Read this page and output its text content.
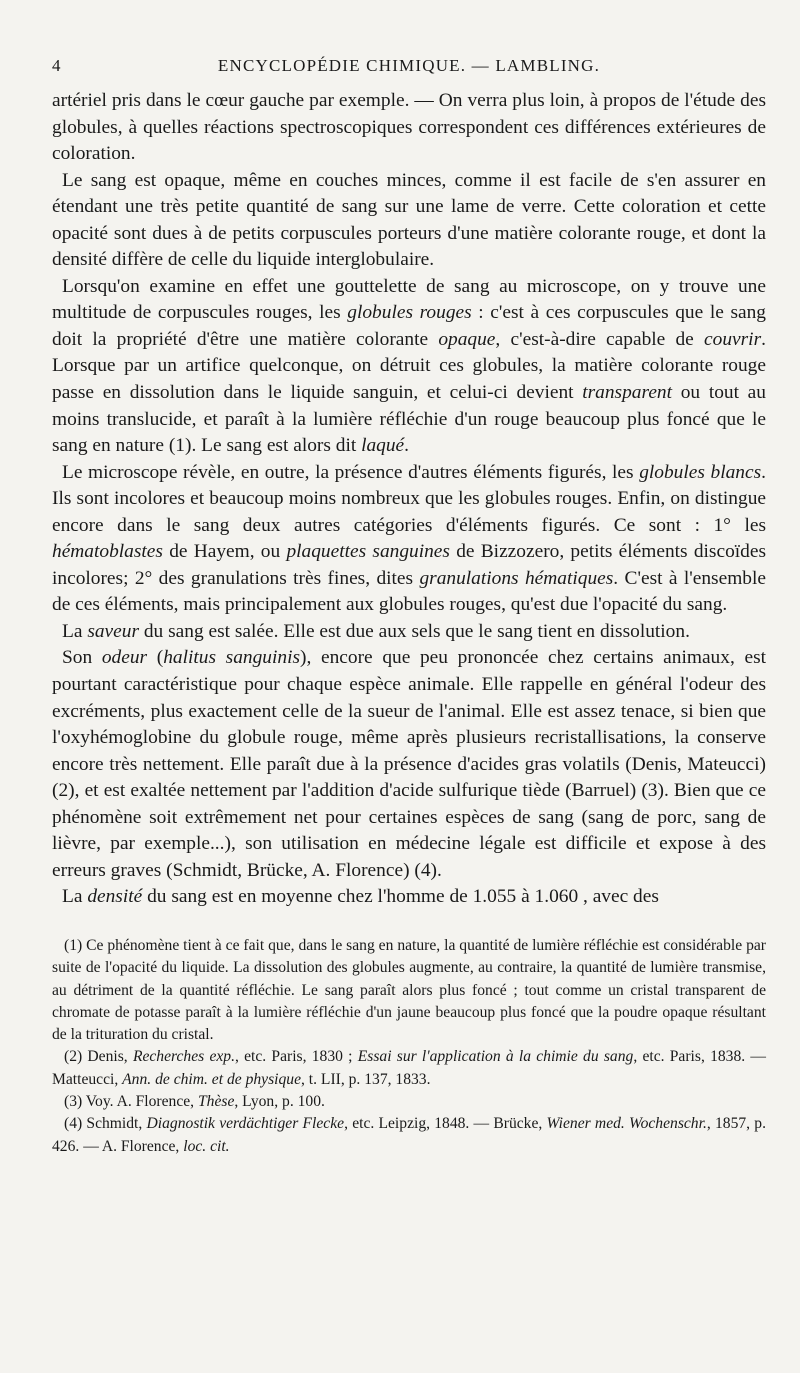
4	ENCYCLOPÉDIE CHIMIQUE. — LAMBLING.

artériel pris dans le cœur gauche par exemple. — On verra plus loin, à propos de l'étude des globules, à quelles réactions spectroscopiques correspondent ces différences extérieures de coloration.

Le sang est opaque, même en couches minces, comme il est facile de s'en assurer en étendant une très petite quantité de sang sur une lame de verre. Cette coloration et cette opacité sont dues à de petits corpuscules porteurs d'une matière colorante rouge, et dont la densité diffère de celle du liquide interglobulaire.

Lorsqu'on examine en effet une gouttelette de sang au microscope, on y trouve une multitude de corpuscules rouges, les globules rouges : c'est à ces corpuscules que le sang doit la propriété d'être une matière colorante opaque, c'est-à-dire capable de couvrir. Lorsque par un artifice quelconque, on détruit ces globules, la matière colorante rouge passe en dissolution dans le liquide sanguin, et celui-ci devient transparent ou tout au moins translucide, et paraît à la lumière réfléchie d'un rouge beaucoup plus foncé que le sang en nature (1). Le sang est alors dit laqué.

Le microscope révèle, en outre, la présence d'autres éléments figurés, les globules blancs. Ils sont incolores et beaucoup moins nombreux que les globules rouges. Enfin, on distingue encore dans le sang deux autres catégories d'éléments figurés. Ce sont : 1° les hématoblastes de Hayem, ou plaquettes sanguines de Bizzozero, petits éléments discoïdes incolores; 2° des granulations très fines, dites granulations hématiques. C'est à l'ensemble de ces éléments, mais principalement aux globules rouges, qu'est due l'opacité du sang.

La saveur du sang est salée. Elle est due aux sels que le sang tient en dissolution.

Son odeur (halitus sanguinis), encore que peu prononcée chez certains animaux, est pourtant caractéristique pour chaque espèce animale. Elle rappelle en général l'odeur des excréments, plus exactement celle de la sueur de l'animal. Elle est assez tenace, si bien que l'oxyhémoglobine du globule rouge, même après plusieurs recristallisations, la conserve encore très nettement. Elle paraît due à la présence d'acides gras volatils (Denis, Mateucci) (2), et est exaltée nettement par l'addition d'acide sulfurique tiède (Barruel) (3). Bien que ce phénomène soit extrêmement net pour certaines espèces de sang (sang de porc, sang de lièvre, par exemple...), son utilisation en médecine légale est difficile et expose à des erreurs graves (Schmidt, Brücke, A. Florence) (4).

La densité du sang est en moyenne chez l'homme de 1.055 à 1.060 , avec des

(1) Ce phénomène tient à ce fait que, dans le sang en nature, la quantité de lumière réfléchie est considérable par suite de l'opacité du liquide. La dissolution des globules augmente, au contraire, la quantité de lumière transmise, au détriment de la quantité réfléchie. Le sang paraît alors plus foncé ; tout comme un cristal transparent de chromate de potasse paraît à la lumière réfléchie d'un jaune beaucoup plus foncé que la poudre opaque résultant de la trituration du cristal.

(2) Denis, Recherches exp., etc. Paris, 1830 ; Essai sur l'application à la chimie du sang, etc. Paris, 1838. — Matteucci, Ann. de chim. et de physique, t. LII, p. 137, 1833.

(3) Voy. A. Florence, Thèse, Lyon, p. 100.

(4) Schmidt, Diagnostik verdächtiger Flecke, etc. Leipzig, 1848. — Brücke, Wiener med. Wochenschr., 1857, p. 426. — A. Florence, loc. cit.
